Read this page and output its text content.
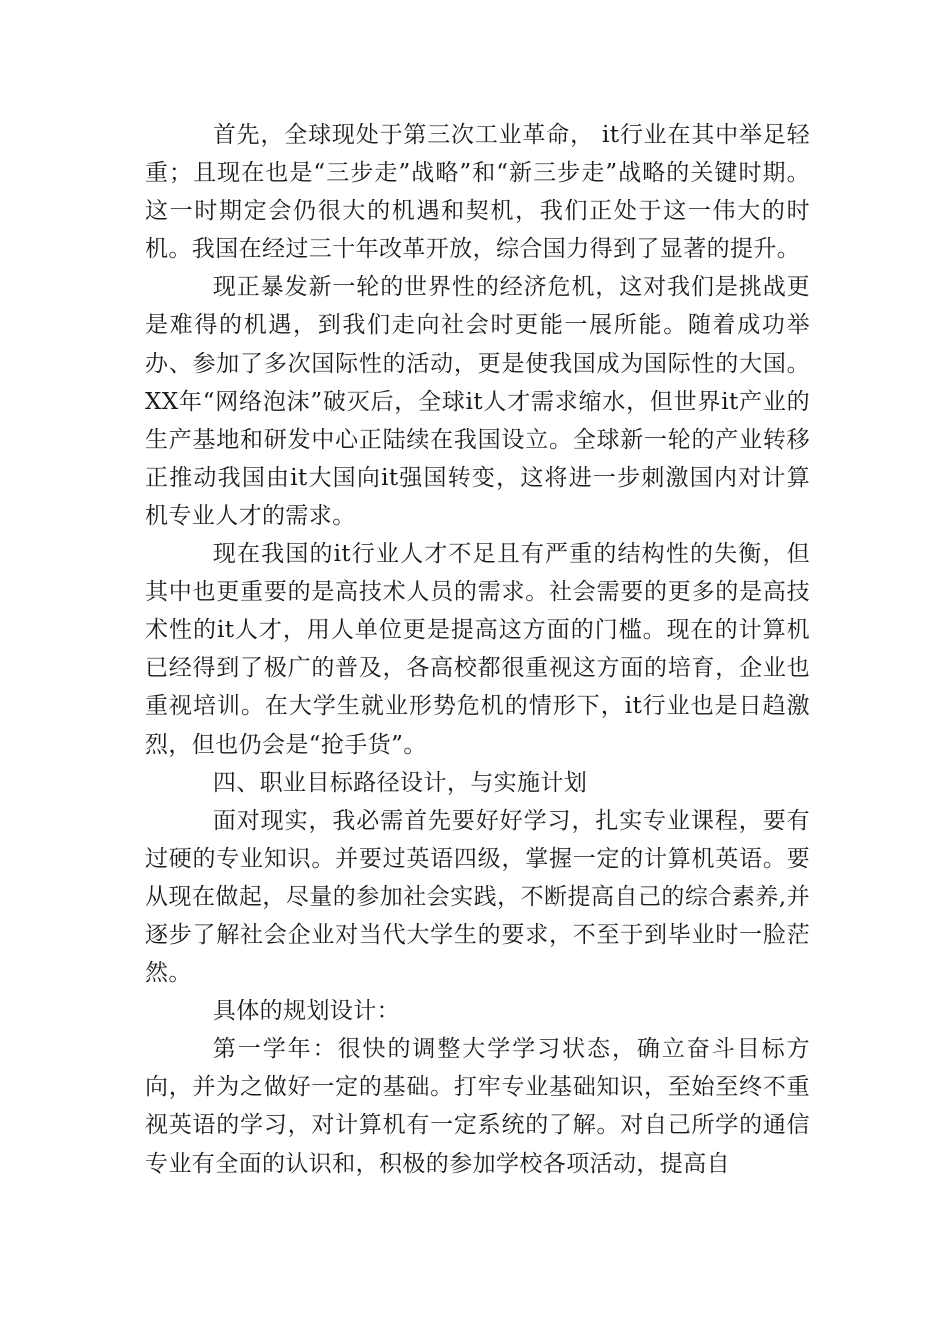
首先，全球现处于第三次工业革命， it行业在其中举足轻重；且现在也是“三步走”战略”和“新三步走”战略的关键时期。这一时期定会仍很大的机遇和契机，我们正处于这一伟大的时机。我国在经过三十年改革开放，综合国力得到了显著的提升。

现正暴发新一轮的世界性的经济危机，这对我们是挑战更是难得的机遇，到我们走向社会时更能一展所能。随着成功举办、参加了多次国际性的活动，更是使我国成为国际性的大国。XX年“网络泡沫”破灭后，全球it人才需求缩水，但世界it产业的生产基地和研发中心正陆续在我国设立。全球新一轮的产业转移正推动我国由it大国向it强国转变，这将进一步刺激国内对计算机专业人才的需求。

现在我国的it行业人才不足且有严重的结构性的失衡，但其中也更重要的是高技术人员的需求。社会需要的更多的是高技术性的it人才，用人单位更是提高这方面的门槛。现在的计算机已经得到了极广的普及，各高校都很重视这方面的培育，企业也重视培训。在大学生就业形势危机的情形下，it行业也是日趋激烈，但也仍会是“抢手货”。

四、职业目标路径设计，与实施计划

面对现实，我必需首先要好好学习，扎实专业课程，要有过硬的专业知识。并要过英语四级，掌握一定的计算机英语。要从现在做起，尽量的参加社会实践，不断提高自己的综合素养,并逐步了解社会企业对当代大学生的要求，不至于到毕业时一脸茫然。

具体的规划设计：

第一学年：很快的调整大学学习状态，确立奋斗目标方向，并为之做好一定的基础。打牢专业基础知识，至始至终不重视英语的学习，对计算机有一定系统的了解。对自己所学的通信专业有全面的认识和，积极的参加学校各项活动，提高自
